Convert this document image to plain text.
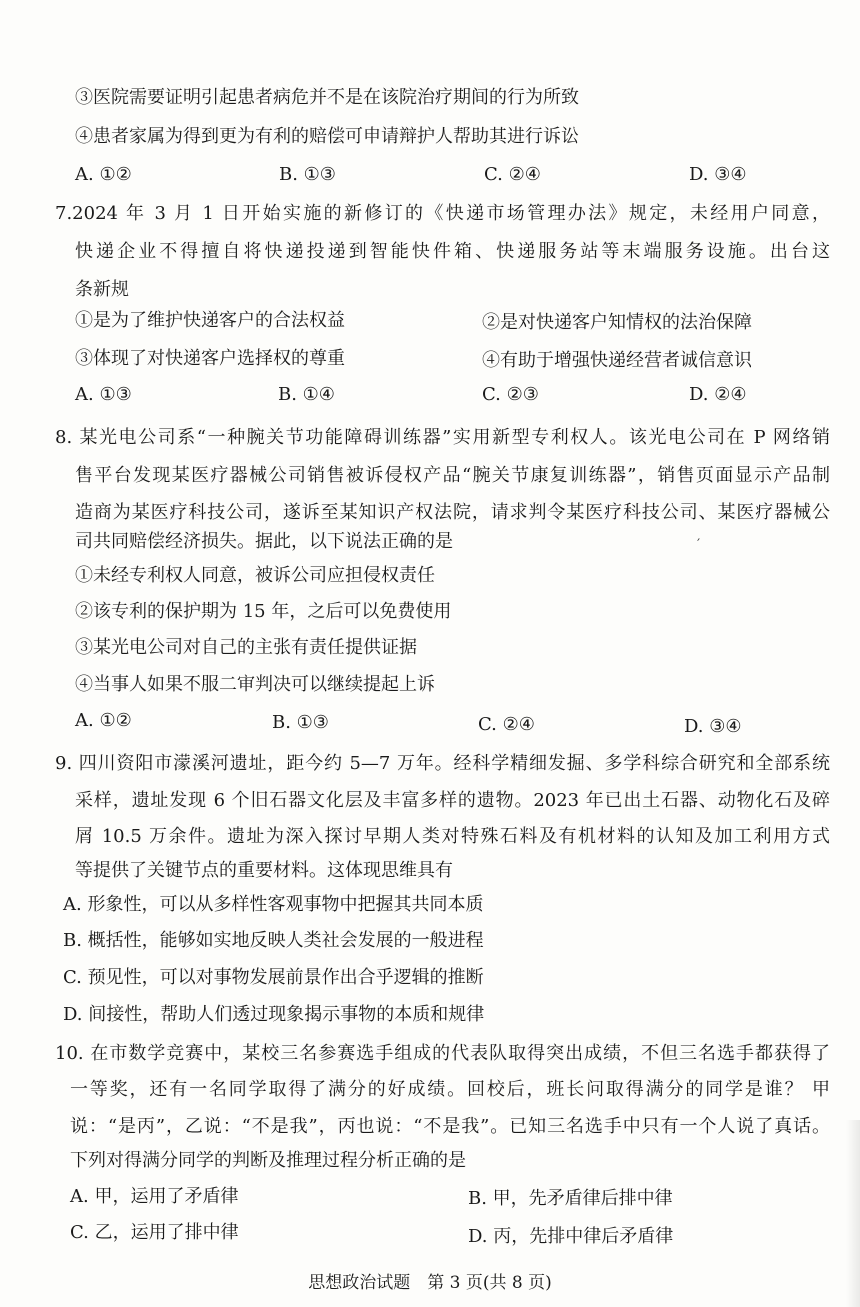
③医院需要证明引起患者病危并不是在该院治疗期间的行为所致
④患者家属为得到更为有利的赔偿可申请辩护人帮助其进行诉讼
A. ①②	B. ①③	C. ②④	D. ③④
7.2024 年 3 月 1 日开始实施的新修订的《快递市场管理办法》规定，未经用户同意，
快递企业不得擅自将快递投递到智能快件箱、快递服务站等末端服务设施。出台这
条新规
①是为了维护快递客户的合法权益	②是对快递客户知情权的法治保障
③体现了对快递客户选择权的尊重	④有助于增强快递经营者诚信意识
A. ①③	B. ①④	C. ②③	D. ②④
8. 某光电公司系“一种腕关节功能障碍训练器”实用新型专利权人。该光电公司在 P 网络销
售平台发现某医疗器械公司销售被诉侵权产品“腕关节康复训练器”，销售页面显示产品制
造商为某医疗科技公司，遂诉至某知识产权法院，请求判令某医疗科技公司、某医疗器械公
司共同赔偿经济损失。据此，以下说法正确的是	′
①未经专利权人同意，被诉公司应担侵权责任
②该专利的保护期为 15 年，之后可以免费使用
③某光电公司对自己的主张有责任提供证据
④当事人如果不服二审判决可以继续提起上诉
A. ①②	B. ①③	C. ②④	D. ③④
9. 四川资阳市濛溪河遗址，距今约 5—7 万年。经科学精细发掘、多学科综合研究和全部系统
采样，遗址发现 6 个旧石器文化层及丰富多样的遗物。2023 年已出土石器、动物化石及碎
屑 10.5 万余件。遗址为深入探讨早期人类对特殊石料及有机材料的认知及加工利用方式
等提供了关键节点的重要材料。这体现思维具有
A. 形象性，可以从多样性客观事物中把握其共同本质
B. 概括性，能够如实地反映人类社会发展的一般进程
C. 预见性，可以对事物发展前景作出合乎逻辑的推断
D. 间接性，帮助人们透过现象揭示事物的本质和规律
10. 在市数学竞赛中，某校三名参赛选手组成的代表队取得突出成绩，不但三名选手都获得了
一等奖，还有一名同学取得了满分的好成绩。回校后，班长问取得满分的同学是谁？ 甲
说：“是丙”，乙说：“不是我”，丙也说：“不是我”。已知三名选手中只有一个人说了真话。
下列对得满分同学的判断及推理过程分析正确的是
A. 甲，运用了矛盾律	B. 甲，先矛盾律后排中律
C. 乙，运用了排中律	D. 丙，先排中律后矛盾律
思想政治试题　第 3 页(共 8 页)
